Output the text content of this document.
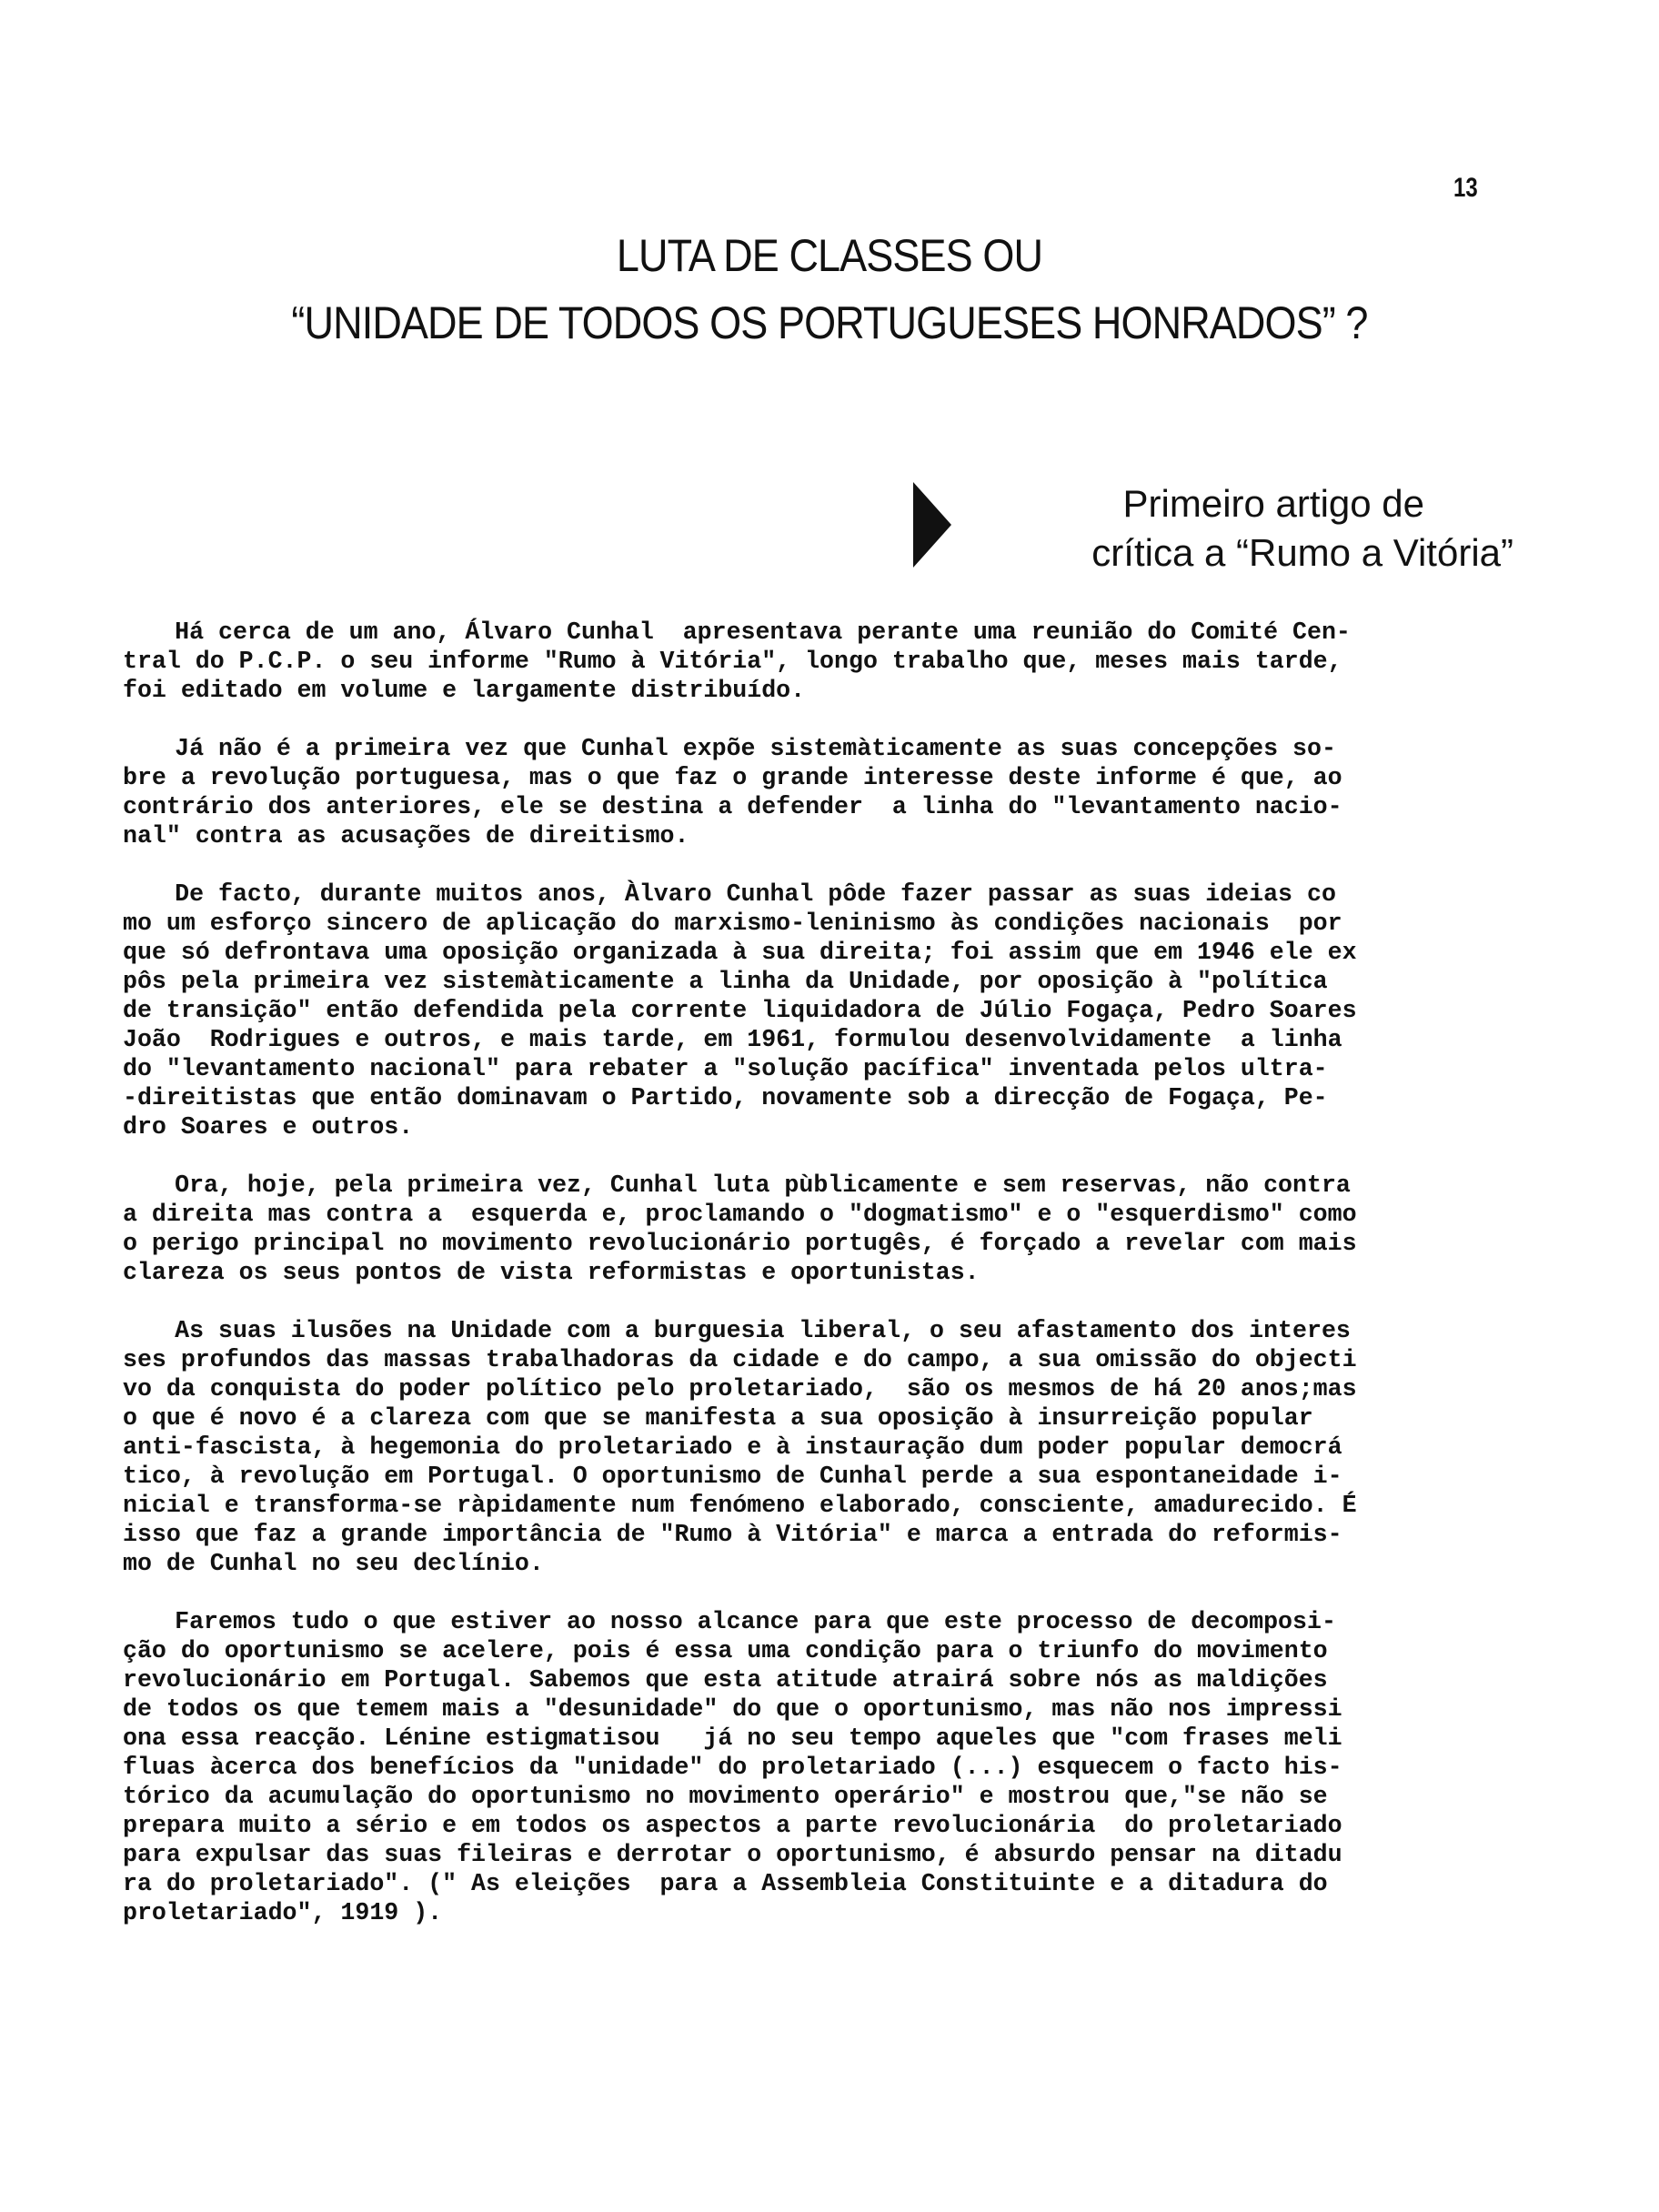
13
LUTA DE CLASSES OU
“UNIDADE DE TODOS OS PORTUGUESES HONRADOS” ?
Primeiro artigo de
crítica a “Rumo a Vitória”
Há cerca de um ano, Álvaro Cunhal  apresentava perante uma reunião do Comité Cen-
tral do P.C.P. o seu informe "Rumo à Vitória", longo trabalho que, meses mais tarde,
foi editado em volume e largamente distribuído.
Já não é a primeira vez que Cunhal expõe sistemàticamente as suas concepções so-
bre a revolução portuguesa, mas o que faz o grande interesse deste informe é que, ao
contrário dos anteriores, ele se destina a defender  a linha do "levantamento nacio-
nal" contra as acusações de direitismo.
De facto, durante muitos anos, Àlvaro Cunhal pôde fazer passar as suas ideias co
mo um esforço sincero de aplicação do marxismo-leninismo às condições nacionais  por
que só defrontava uma oposição organizada à sua direita; foi assim que em 1946 ele ex
pôs pela primeira vez sistemàticamente a linha da Unidade, por oposição à "política
de transição" então defendida pela corrente liquidadora de Júlio Fogaça, Pedro Soares
João  Rodrigues e outros, e mais tarde, em 1961, formulou desenvolvidamente  a linha
do "levantamento nacional" para rebater a "solução pacífica" inventada pelos ultra-
-direitistas que então dominavam o Partido, novamente sob a direcção de Fogaça, Pe-
dro Soares e outros.
Ora, hoje, pela primeira vez, Cunhal luta pùblicamente e sem reservas, não contra
a direita mas contra a  esquerda e, proclamando o "dogmatismo" e o "esquerdismo" como
o perigo principal no movimento revolucionário portugês, é forçado a revelar com mais
clareza os seus pontos de vista reformistas e oportunistas.
As suas ilusões na Unidade com a burguesia liberal, o seu afastamento dos interes
ses profundos das massas trabalhadoras da cidade e do campo, a sua omissão do objecti
vo da conquista do poder político pelo proletariado,  são os mesmos de há 20 anos;mas
o que é novo é a clareza com que se manifesta a sua oposição à insurreição popular
anti-fascista, à hegemonia do proletariado e à instauração dum poder popular democrá
tico, à revolução em Portugal. O oportunismo de Cunhal perde a sua espontaneidade i-
nicial e transforma-se ràpidamente num fenómeno elaborado, consciente, amadurecido. É
isso que faz a grande importância de "Rumo à Vitória" e marca a entrada do reformis-
mo de Cunhal no seu declínio.
Faremos tudo o que estiver ao nosso alcance para que este processo de decomposi-
ção do oportunismo se acelere, pois é essa uma condição para o triunfo do movimento
revolucionário em Portugal. Sabemos que esta atitude atrairá sobre nós as maldições
de todos os que temem mais a "desunidade" do que o oportunismo, mas não nos impressi
ona essa reacção. Lénine estigmatisou   já no seu tempo aqueles que "com frases meli
fluas àcerca dos benefícios da "unidade" do proletariado (...) esquecem o facto his-
tórico da acumulação do oportunismo no movimento operário" e mostrou que,"se não se
prepara muito a sério e em todos os aspectos a parte revolucionária  do proletariado
para expulsar das suas fileiras e derrotar o oportunismo, é absurdo pensar na ditadu
ra do proletariado". (" As eleições  para a Assembleia Constituinte e a ditadura do
proletariado", 1919 ).
